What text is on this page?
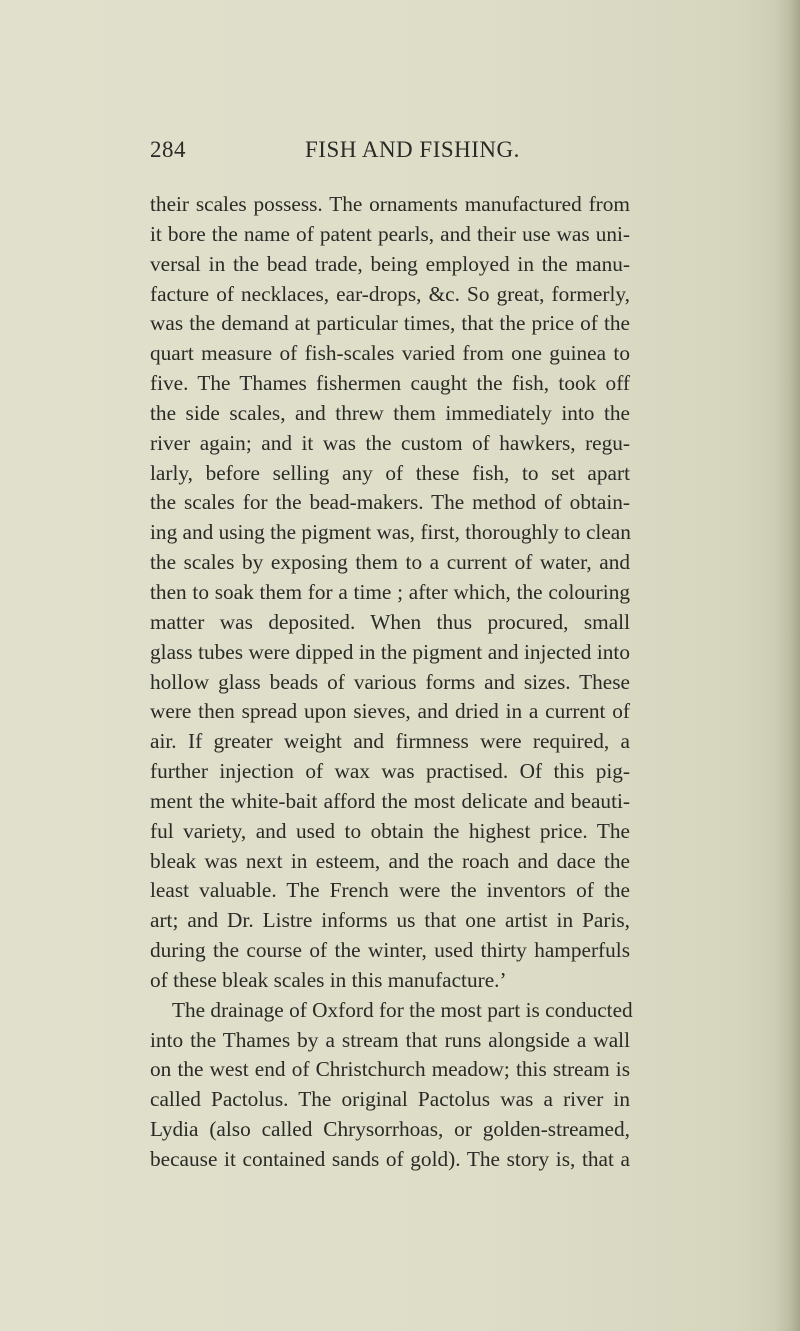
284	FISH AND FISHING.
their scales possess. The ornaments manufactured from
it bore the name of patent pearls, and their use was uni-
versal in the bead trade, being employed in the manu-
facture of necklaces, ear-drops, &c. So great, formerly,
was the demand at particular times, that the price of the
quart measure of fish-scales varied from one guinea to
five. The Thames fishermen caught the fish, took off
the side scales, and threw them immediately into the
river again; and it was the custom of hawkers, regu-
larly, before selling any of these fish, to set apart
the scales for the bead-makers. The method of obtain-
ing and using the pigment was, first, thoroughly to clean
the scales by exposing them to a current of water, and
then to soak them for a time ; after which, the colouring
matter was deposited. When thus procured, small
glass tubes were dipped in the pigment and injected into
hollow glass beads of various forms and sizes. These
were then spread upon sieves, and dried in a current of
air. If greater weight and firmness were required, a
further injection of wax was practised. Of this pig-
ment the white-bait afford the most delicate and beauti-
ful variety, and used to obtain the highest price. The
bleak was next in esteem, and the roach and dace the
least valuable. The French were the inventors of the
art; and Dr. Listre informs us that one artist in Paris,
during the course of the winter, used thirty hamperfuls
of these bleak scales in this manufacture.’
The drainage of Oxford for the most part is conducted
into the Thames by a stream that runs alongside a wall
on the west end of Christchurch meadow; this stream is
called Pactolus. The original Pactolus was a river in
Lydia (also called Chrysorrhoas, or golden-streamed,
because it contained sands of gold). The story is, that a
